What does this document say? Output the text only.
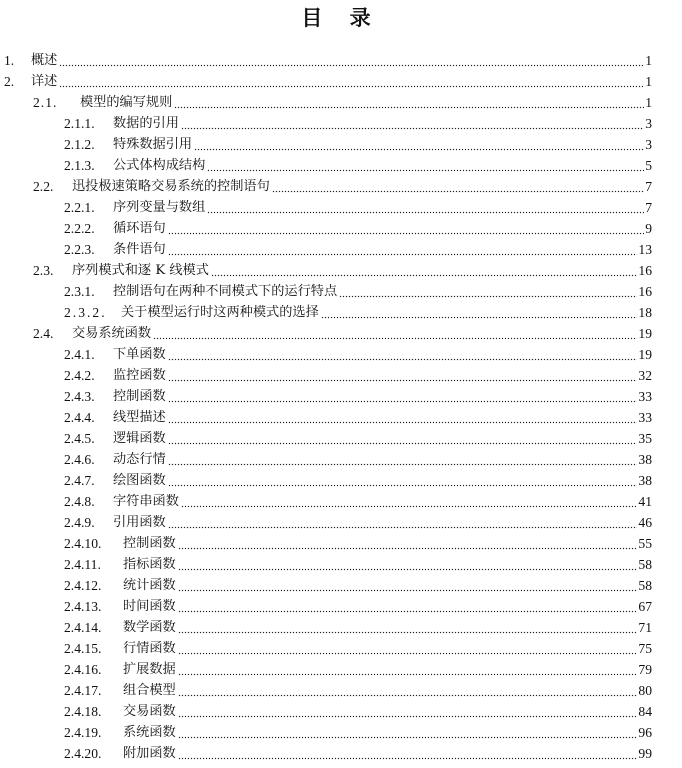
目 录
1.	概述	1
2.	详述	1
2.1.	模型的编写规则	1
2.1.1.	数据的引用	3
2.1.2.	特殊数据引用	3
2.1.3.	公式体构成结构	5
2.2.	迅投极速策略交易系统的控制语句	7
2.2.1.	序列变量与数组	7
2.2.2.	循环语句	9
2.2.3.	条件语句	13
2.3.	序列模式和逐 K 线模式	16
2.3.1.	控制语句在两种不同模式下的运行特点	16
2.3.2.	关于模型运行时这两种模式的选择	18
2.4.	交易系统函数	19
2.4.1.	下单函数	19
2.4.2.	监控函数	32
2.4.3.	控制函数	33
2.4.4.	线型描述	33
2.4.5.	逻辑函数	35
2.4.6.	动态行情	38
2.4.7.	绘图函数	38
2.4.8.	字符串函数	41
2.4.9.	引用函数	46
2.4.10.	控制函数	55
2.4.11.	指标函数	58
2.4.12.	统计函数	58
2.4.13.	时间函数	67
2.4.14.	数学函数	71
2.4.15.	行情函数	75
2.4.16.	扩展数据	79
2.4.17.	组合模型	80
2.4.18.	交易函数	84
2.4.19.	系统函数	96
2.4.20.	附加函数	99
